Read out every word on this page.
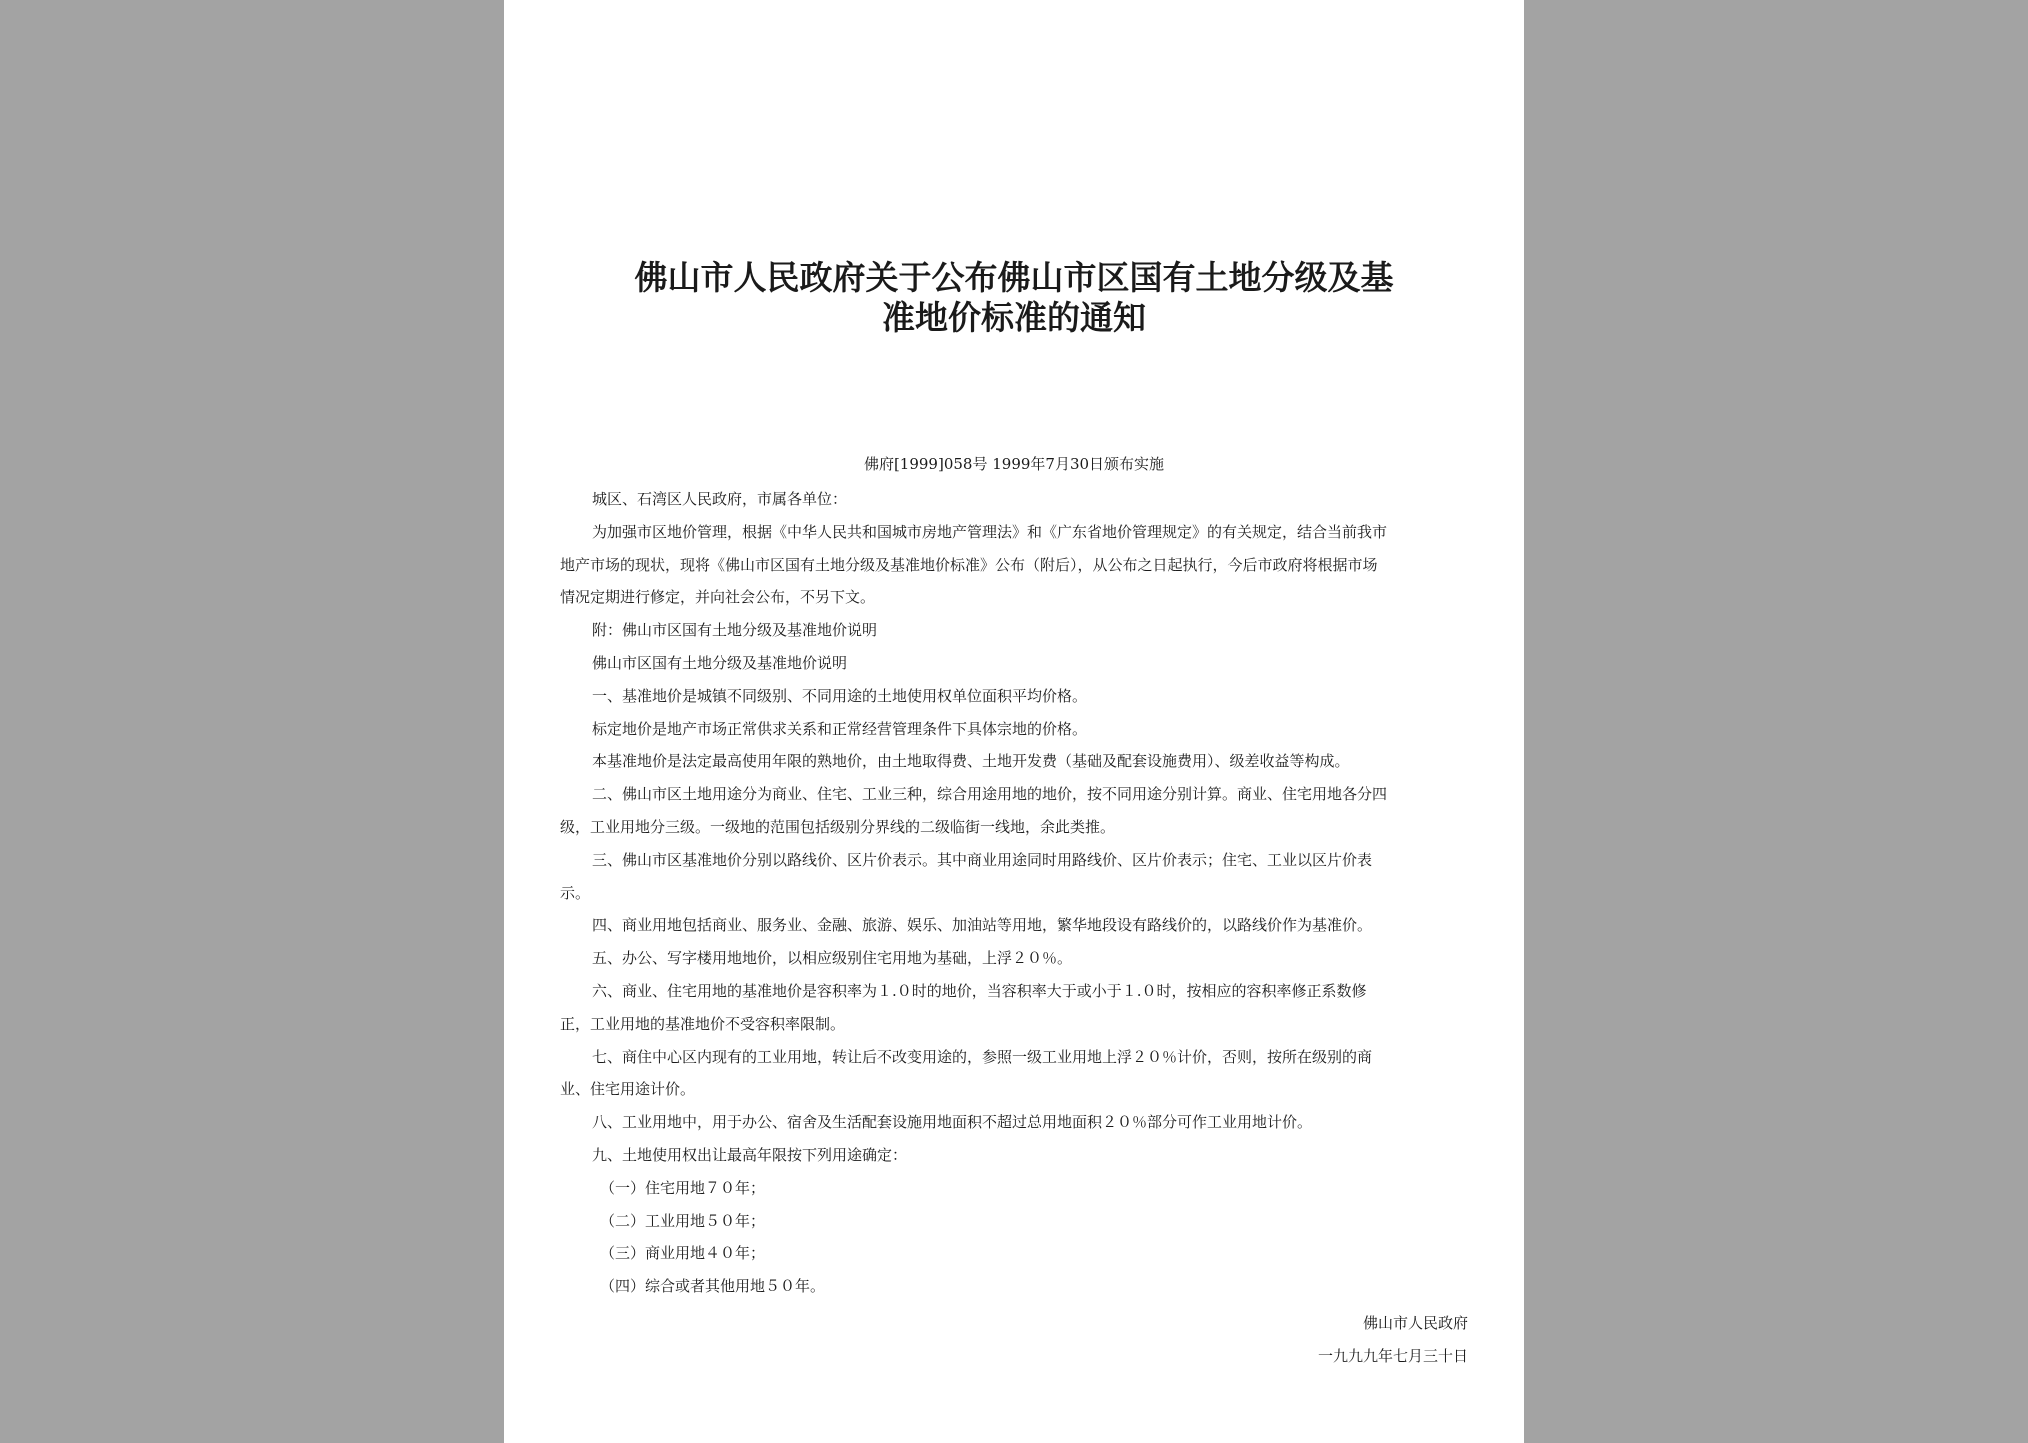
佛山市人民政府关于公布佛山市区国有土地分级及基
准地价标准的通知
佛府[1999]058号 1999年7月30日颁布实施

城区、石湾区人民政府，市属各单位：

为加强市区地价管理，根据《中华人民共和国城市房地产管理法》和《广东省地价管理规定》的有关规定，结合当前我市

地产市场的现状，现将《佛山市区国有土地分级及基准地价标准》公布（附后），从公布之日起执行，今后市政府将根据市场

情况定期进行修定，并向社会公布，不另下文。

附：佛山市区国有土地分级及基准地价说明

佛山市区国有土地分级及基准地价说明

一、基准地价是城镇不同级别、不同用途的土地使用权单位面积平均价格。

标定地价是地产市场正常供求关系和正常经营管理条件下具体宗地的价格。

本基准地价是法定最高使用年限的熟地价，由土地取得费、土地开发费（基础及配套设施费用）、级差收益等构成。

二、佛山市区土地用途分为商业、住宅、工业三种，综合用途用地的地价，按不同用途分别计算。商业、住宅用地各分四

级，工业用地分三级。一级地的范围包括级别分界线的二级临街一线地，余此类推。

三、佛山市区基准地价分别以路线价、区片价表示。其中商业用途同时用路线价、区片价表示；住宅、工业以区片价表

示。

四、商业用地包括商业、服务业、金融、旅游、娱乐、加油站等用地，繁华地段设有路线价的，以路线价作为基准价。

五、办公、写字楼用地地价，以相应级别住宅用地为基础，上浮２０％。

六、商业、住宅用地的基准地价是容积率为１.０时的地价，当容积率大于或小于１.０时，按相应的容积率修正系数修

正，工业用地的基准地价不受容积率限制。

七、商住中心区内现有的工业用地，转让后不改变用途的，参照一级工业用地上浮２０％计价，否则，按所在级别的商

业、住宅用途计价。

八、工业用地中，用于办公、宿舍及生活配套设施用地面积不超过总用地面积２０％部分可作工业用地计价。

九、土地使用权出让最高年限按下列用途确定：

（一）住宅用地７０年；

（二）工业用地５０年；

（三）商业用地４０年；

（四）综合或者其他用地５０年。

佛山市人民政府

一九九九年七月三十日
